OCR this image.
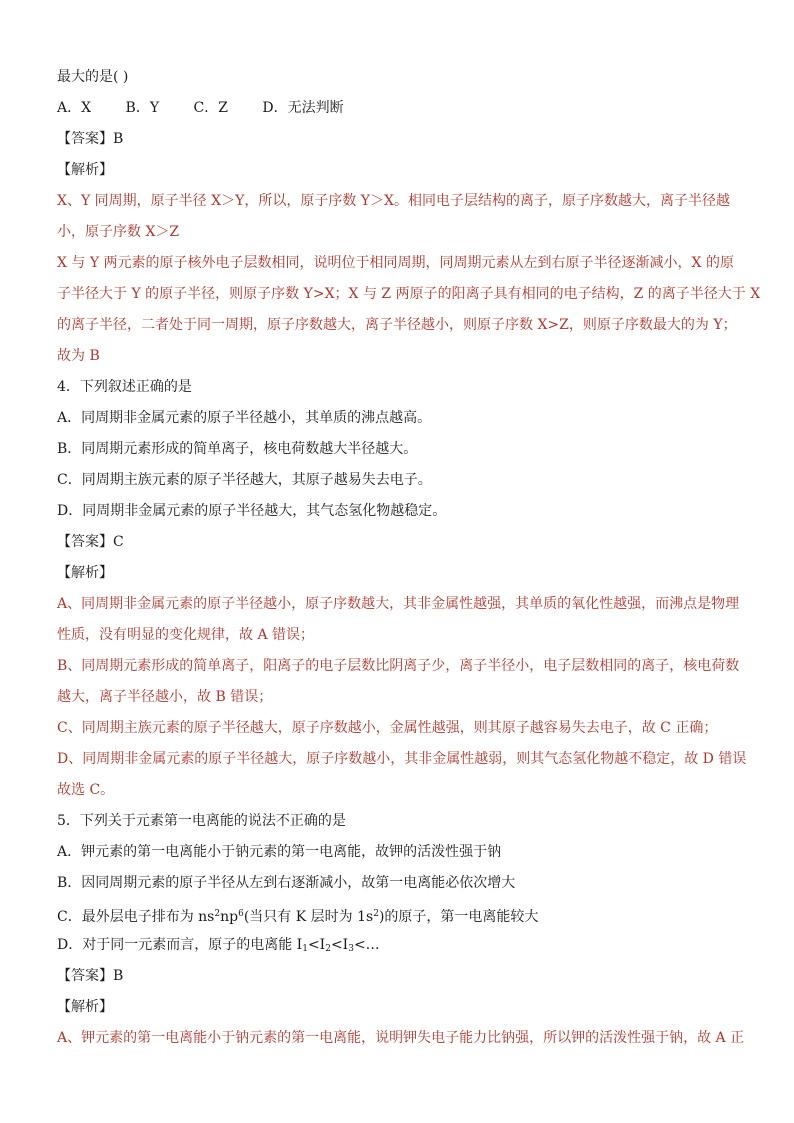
最大的是( )
A．X B．Y C．Z D．无法判断
【答案】B
【解析】
X、Y 同周期，原子半径 X＞Y，所以，原子序数 Y＞X。相同电子层结构的离子，原子序数越大，离子半径越
小，原子序数 X＞Z
X 与 Y 两元素的原子核外电子层数相同，说明位于相同周期，同周期元素从左到右原子半径逐渐减小，X 的原
子半径大于 Y 的原子半径，则原子序数 Y>X；X 与 Z 两原子的阳离子具有相同的电子结构，Z 的离子半径大于 X
的离子半径，二者处于同一周期，原子序数越大，离子半径越小，则原子序数 X>Z，则原子序数最大的为 Y；
故为 B
4．下列叙述正确的是
A．同周期非金属元素的原子半径越小，其单质的沸点越高。
B．同周期元素形成的简单离子，核电荷数越大半径越大。
C．同周期主族元素的原子半径越大，其原子越易失去电子。
D．同周期非金属元素的原子半径越大，其气态氢化物越稳定。
【答案】C
【解析】
A、同周期非金属元素的原子半径越小，原子序数越大，其非金属性越强，其单质的氧化性越强，而沸点是物理
性质，没有明显的变化规律，故 A 错误；
B、同周期元素形成的简单离子，阳离子的电子层数比阴离子少，离子半径小，电子层数相同的离子，核电荷数
越大，离子半径越小，故 B 错误；
C、同周期主族元素的原子半径越大，原子序数越小，金属性越强，则其原子越容易失去电子，故 C 正确；
D、同周期非金属元素的原子半径越大，原子序数越小，其非金属性越弱，则其气态氢化物越不稳定，故 D 错误
故选 C。
5．下列关于元素第一电离能的说法不正确的是
A．钾元素的第一电离能小于钠元素的第一电离能，故钾的活泼性强于钠
B．因同周期元素的原子半径从左到右逐渐减小，故第一电离能必依次增大
C．最外层电子排布为 $ns^2np^6$(当只有 K 层时为 $1s^2$)的原子，第一电离能较大
D．对于同一元素而言，原子的电离能 $I_1<I_2<I_3<\dots$
【答案】B
【解析】
A、钾元素的第一电离能小于钠元素的第一电离能，说明钾失电子能力比钠强，所以钾的活泼性强于钠，故 A 正
